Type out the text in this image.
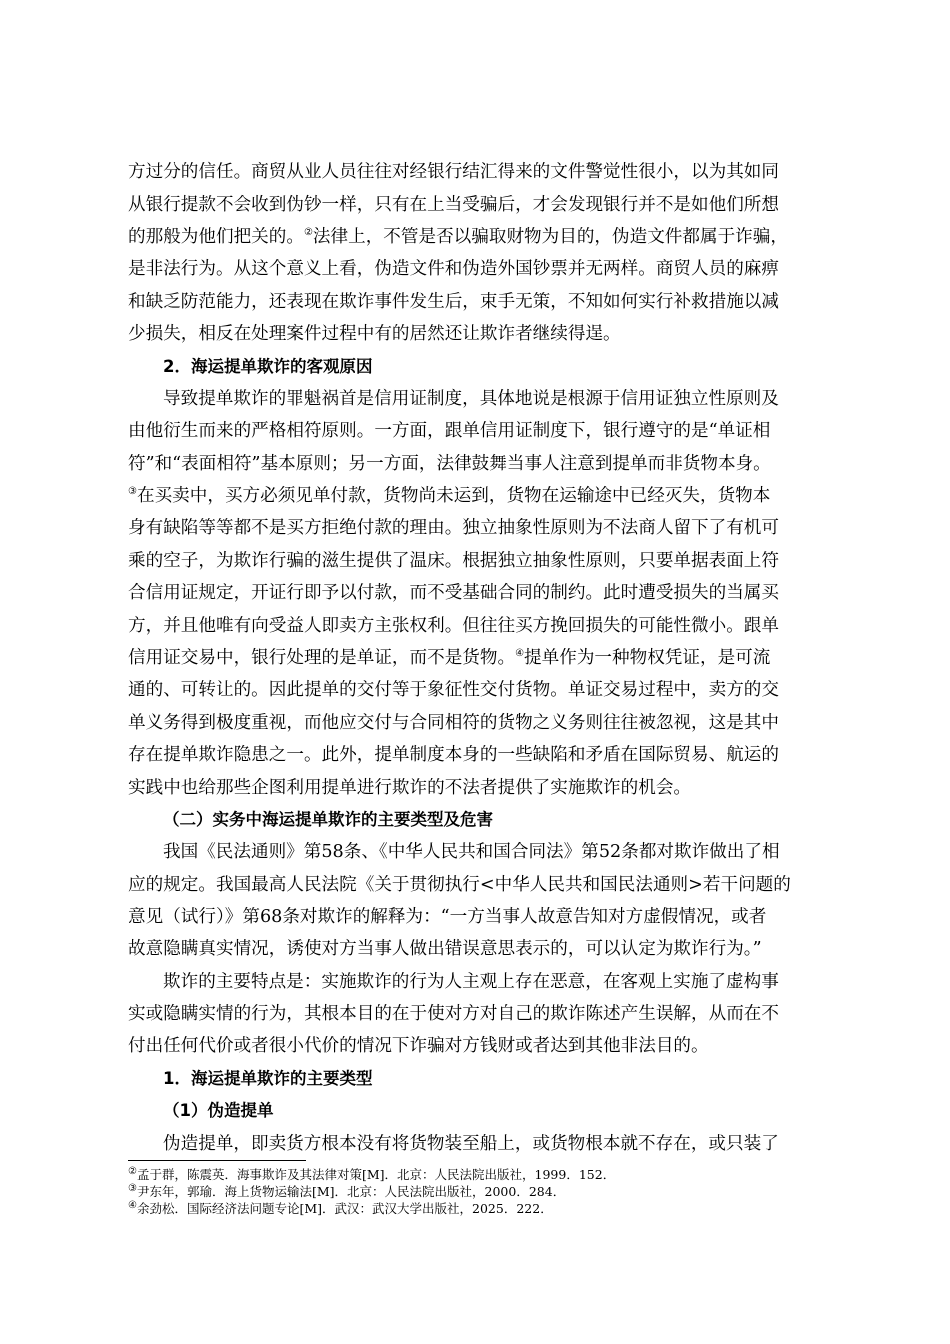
方过分的信任。商贸从业人员往往对经银行结汇得来的文件警觉性很小，以为其如同
从银行提款不会收到伪钞一样，只有在上当受骗后，才会发现银行并不是如他们所想
的那般为他们把关的。②法律上，不管是否以骗取财物为目的，伪造文件都属于诈骗，
是非法行为。从这个意义上看，伪造文件和伪造外国钞票并无两样。商贸人员的麻痹
和缺乏防范能力，还表现在欺诈事件发生后，束手无策，不知如何实行补救措施以减
少损失，相反在处理案件过程中有的居然还让欺诈者继续得逞。
2．海运提单欺诈的客观原因
导致提单欺诈的罪魁祸首是信用证制度，具体地说是根源于信用证独立性原则及
由他衍生而来的严格相符原则。一方面，跟单信用证制度下，银行遵守的是“单证相
符”和“表面相符”基本原则；另一方面，法律鼓舞当事人注意到提单而非货物本身。
③在买卖中，买方必须见单付款，货物尚未运到，货物在运输途中已经灭失，货物本
身有缺陷等等都不是买方拒绝付款的理由。独立抽象性原则为不法商人留下了有机可
乘的空子，为欺诈行骗的滋生提供了温床。根据独立抽象性原则，只要单据表面上符
合信用证规定，开证行即予以付款，而不受基础合同的制约。此时遭受损失的当属买
方，并且他唯有向受益人即卖方主张权利。但往往买方挽回损失的可能性微小。跟单
信用证交易中，银行处理的是单证，而不是货物。④提单作为一种物权凭证，是可流
通的、可转让的。因此提单的交付等于象征性交付货物。单证交易过程中，卖方的交
单义务得到极度重视，而他应交付与合同相符的货物之义务则往往被忽视，这是其中
存在提单欺诈隐患之一。此外，提单制度本身的一些缺陷和矛盾在国际贸易、航运的
实践中也给那些企图利用提单进行欺诈的不法者提供了实施欺诈的机会。
（二）实务中海运提单欺诈的主要类型及危害
我国《民法通则》第58条、《中华人民共和国合同法》第52条都对欺诈做出了相
应的规定。我国最高人民法院《关于贯彻执行<中华人民共和国民法通则>若干问题的
意见（试行）》第68条对欺诈的解释为：“一方当事人故意告知对方虚假情况，或者
故意隐瞒真实情况，诱使对方当事人做出错误意思表示的，可以认定为欺诈行为。”
欺诈的主要特点是：实施欺诈的行为人主观上存在恶意，在客观上实施了虚构事
实或隐瞒实情的行为，其根本目的在于使对方对自己的欺诈陈述产生误解，从而在不
付出任何代价或者很小代价的情况下诈骗对方钱财或者达到其他非法目的。
1．海运提单欺诈的主要类型
（1）伪造提单
伪造提单，即卖货方根本没有将货物装至船上，或货物根本就不存在，或只装了
②孟于群，陈震英．海事欺诈及其法律对策[M]．北京：人民法院出版社，1999．152．
③尹东年，郭瑜．海上货物运输法[M]．北京：人民法院出版社，2000．284．
④余劲松．国际经济法问题专论[M]．武汉：武汉大学出版社，2025．222．
